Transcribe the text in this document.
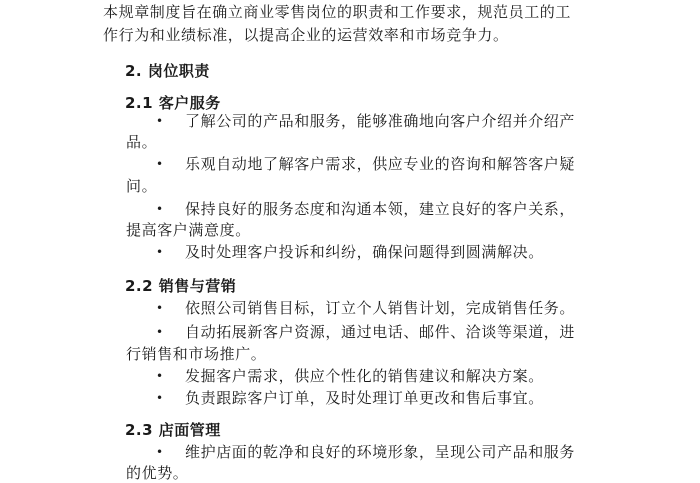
本规章制度旨在确立商业零售岗位的职责和工作要求，规范员工的工
作行为和业绩标准，以提高企业的运营效率和市场竞争力。
2. 岗位职责
2.1 客户服务
• 了解公司的产品和服务，能够准确地向客户介绍并介绍产
品。
• 乐观自动地了解客户需求，供应专业的咨询和解答客户疑
问。
• 保持良好的服务态度和沟通本领，建立良好的客户关系，
提高客户满意度。
• 及时处理客户投诉和纠纷，确保问题得到圆满解决。
2.2 销售与营销
• 依照公司销售目标，订立个人销售计划，完成销售任务。
• 自动拓展新客户资源，通过电话、邮件、洽谈等渠道，进
行销售和市场推广。
• 发掘客户需求，供应个性化的销售建议和解决方案。
• 负责跟踪客户订单，及时处理订单更改和售后事宜。
2.3 店面管理
• 维护店面的乾净和良好的环境形象，呈现公司产品和服务
的优势。
